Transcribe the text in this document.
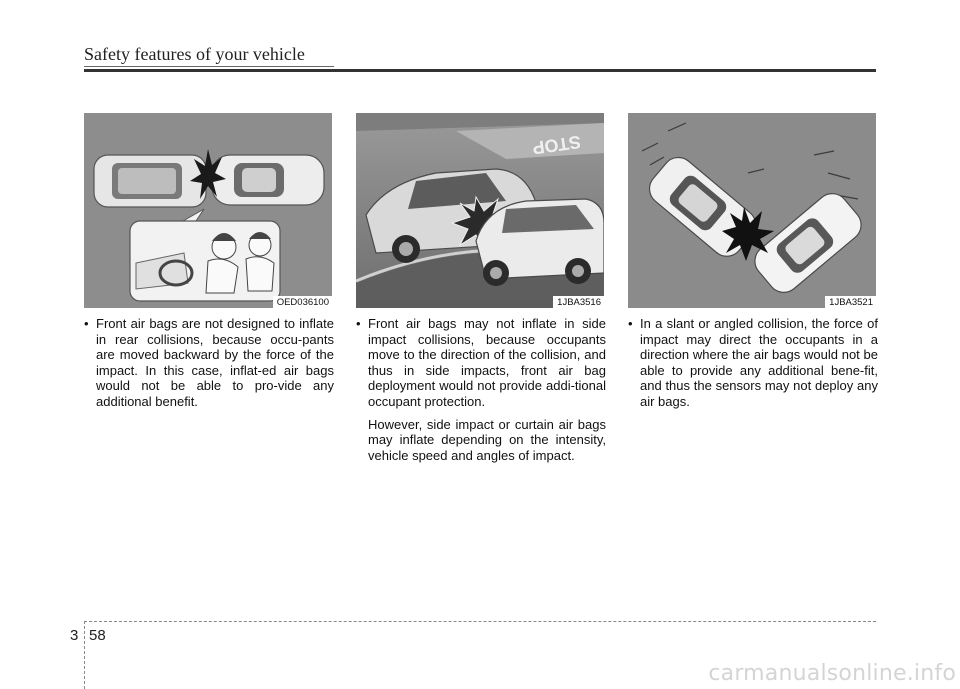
Safety features of your vehicle
OED036100
STOP
1JBA3516	1JBA3521

• Front air bags are not designed to inflate in rear collisions, because occu-pants are moved backward by the force of the impact. In this case, inflat-ed air bags would not be able to pro-vide any additional benefit.

• Front air bags may not inflate in side impact collisions, because occupants move to the direction of the collision, and thus in side impacts, front air bag deployment would not provide addi-tional occupant protection.

However, side impact or curtain air bags may inflate depending on the intensity, vehicle speed and angles of impact.

• In a slant or angled collision, the force of impact may direct the occupants in a direction where the air bags would not be able to provide any additional bene-fit, and thus the sensors may not deploy any air bags.

3 58
carmanualsonline.info
